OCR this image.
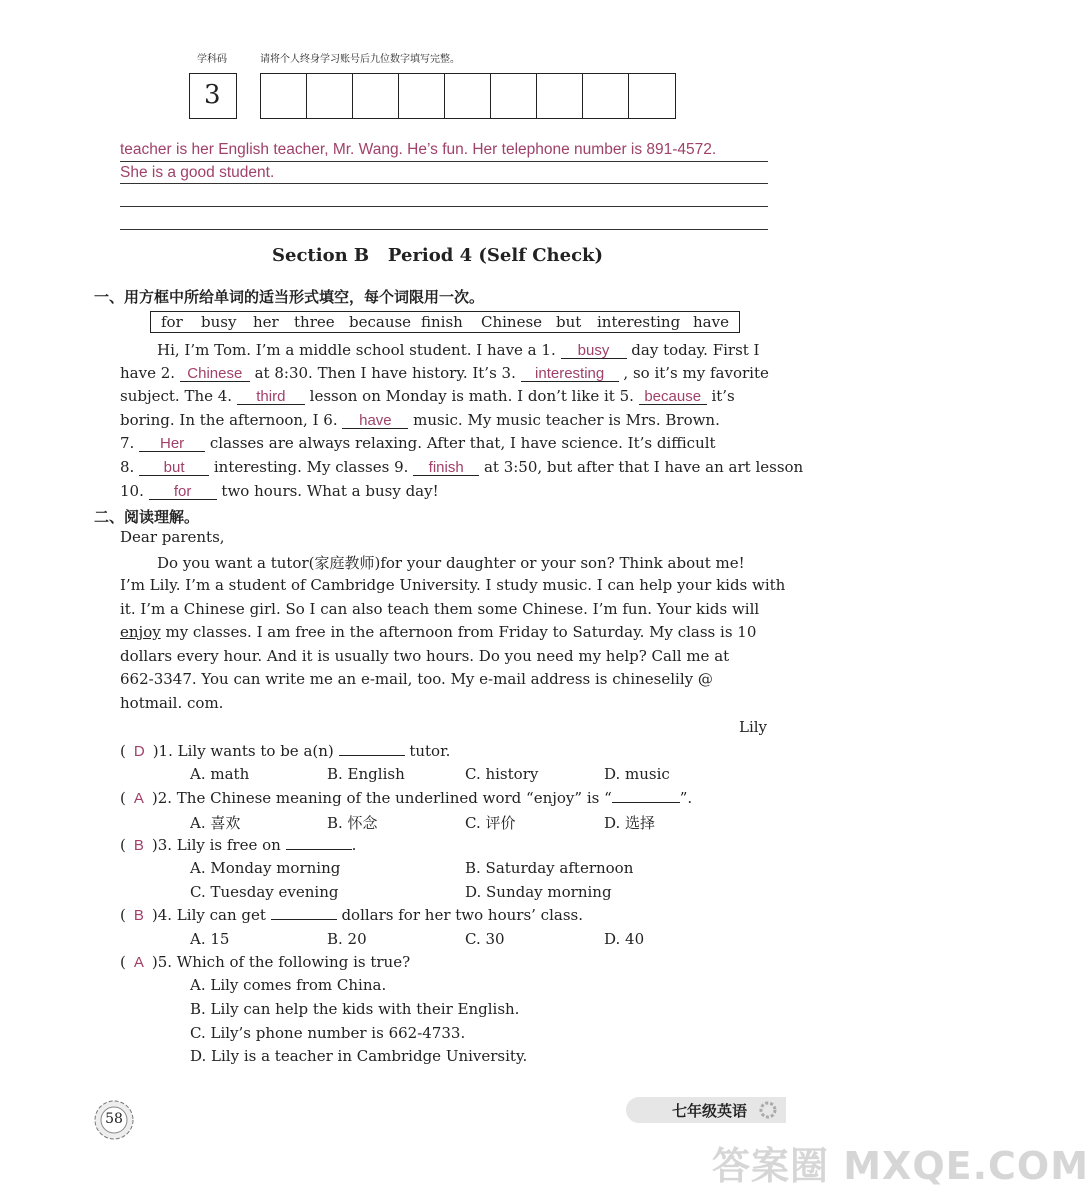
学科码	请将个人终身学习账号后九位数字填写完整。
3
teacher is her English teacher, Mr. Wang. He’s fun. Her telephone number is 891-4572.
She is a good student.
Section B   Period 4 (Self Check)
一、用方框中所给单词的适当形式填空，每个词限用一次。
for busy her three because finish Chinese but interesting have
Hi, I’m Tom. I’m a middle school student. I have a 1. busy day today. First I
have 2. Chinese at 8:30. Then I have history. It’s 3. interesting , so it’s my favorite
subject. The 4. third lesson on Monday is math. I don’t like it 5. because it’s
boring. In the afternoon, I 6. have music. My music teacher is Mrs. Brown.
7. Her classes are always relaxing. After that, I have science. It’s difficult
8. but interesting. My classes 9. finish at 3:50, but after that I have an art lesson
10. for two hours. What a busy day!
二、阅读理解。
Dear parents,
Do you want a tutor(家庭教师)for your daughter or your son? Think about me!
I’m Lily. I’m a student of Cambridge University. I study music. I can help your kids with
it. I’m a Chinese girl. So I can also teach them some Chinese. I’m fun. Your kids will
enjoy my classes. I am free in the afternoon from Friday to Saturday. My class is 10
dollars every hour. And it is usually two hours. Do you need my help? Call me at
662-3347. You can write me an e-mail, too. My e-mail address is chineselily @
hotmail. com.
Lily
( D )1. Lily wants to be a(n)	tutor.
A. math	B. English	C. history	D. music
( A )2. The Chinese meaning of the underlined word “enjoy” is “	”.
A. 喜欢	B. 怀念	C. 评价	D. 选择
( B )3. Lily is free on	.
A. Monday morning	B. Saturday afternoon
C. Tuesday evening	D. Sunday morning
( B )4. Lily can get	dollars for her two hours’ class.
A. 15	B. 20	C. 30	D. 40
( A )5. Which of the following is true?
A. Lily comes from China.
B. Lily can help the kids with their English.
C. Lily’s phone number is 662-4733.
D. Lily is a teacher in Cambridge University.
58	七年级英语
答案圈 MXQE.COM
